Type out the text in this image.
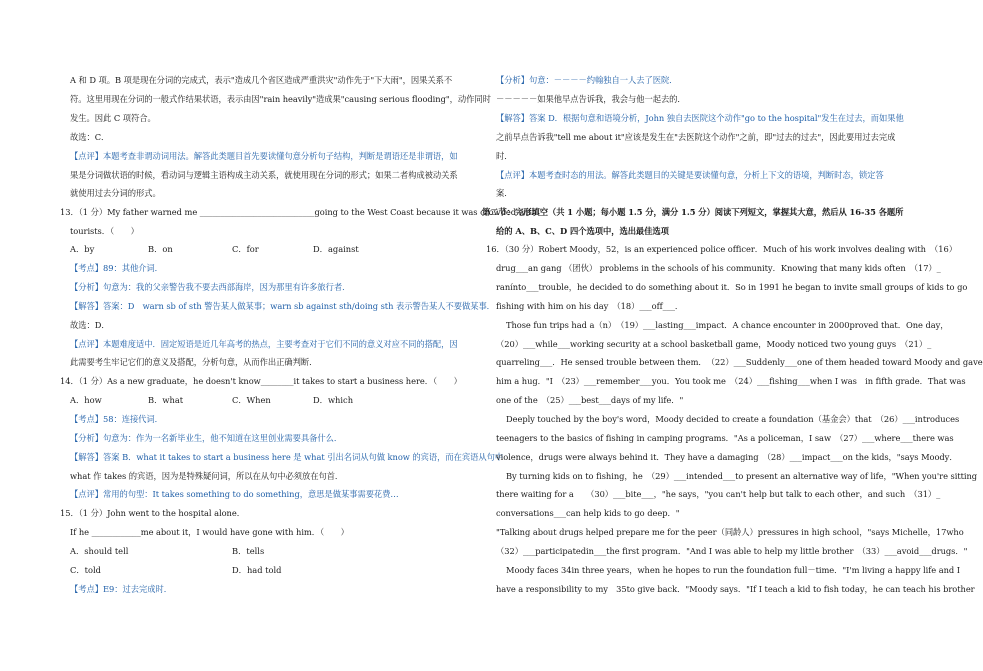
A 和 D 项。B 项是现在分词的完成式，表示"造成几个省区造成严重洪灾"动作先于"下大雨"，因果关系不
符。这里用现在分词的一般式作结果状语，表示由因"rain heavily"造成果"causing serious flooding"，动作同时
发生。因此 C 项符合。
故选：C．
【点评】本题考查非谓动词用法。解答此类题目首先要读懂句意分析句子结构，判断是谓语还是非谓语，如
果是分词做状语的时候，看动词与逻辑主语构成主动关系，就使用现在分词的形式；如果二者构成被动关系
就使用过去分词的形式。
13．（1 分）My father warned me ____________________________going to the West Coast because it was crowded with
tourists．（　　）
A．by	B．on	C．for	D．against
【考点】89：其他介词．
【分析】句意为：我的父亲警告我不要去西部海岸，因为那里有许多旅行者．
【解答】答案：D　warn sb of sth 警告某人做某事；warn sb against sth/doing sth 表示警告某人不要做某事．
故选：D．
【点评】本题难度适中．固定短语是近几年高考的热点，主要考查对于它们不同的意义对应不同的搭配，因
此需要考生牢记它们的意义及搭配，分析句意，从而作出正确判断．
14．（1 分）As a new graduate，he doesn't know________it takes to start a business here．（　　）
A．how	B．what	C．When	D．which
【考点】58：连接代词．
【分析】句意为：作为一名新毕业生，他不知道在这里创业需要具备什么．
【解答】答案 B．what it takes to start a business here 是 what 引出名词从句做 know 的宾语，而在宾语从句中
what 作 takes 的宾语，因为是特殊疑问词，所以在从句中必须放在句首．
【点评】常用的句型：It takes something to do something，意思是做某事需要花费…
15．（1 分）John went to the hospital alone．
If he ____________me about it，I would have gone with him．（　　）
A．should tell	B．tells
C．told	D．had told
【考点】E9：过去完成时．
【分析】句意：－－－－约翰独自一人去了医院．
－－－－－如果他早点告诉我，我会与他一起去的．
【解答】答案 D．根据句意和语境分析，John 独自去医院这个动作"go to the hospital"发生在过去，而如果他
之前早点告诉我"tell me about it"应该是发生在"去医院这个动作"之前，即"过去的过去"，因此要用过去完成
时．
【点评】本题考查时态的用法。解答此类题目的关键是要读懂句意，分析上下文的语境，判断时态，锁定答
案．
第二节：完形填空（共 1 小题；每小题 1.5 分，满分 1.5 分）阅读下列短文，掌握其大意，然后从 16-35 各题所
给的 A、B、C、D 四个选项中，选出最佳选项
16．（30 分）Robert Moody，52，is an experienced police officer．Much of his work involves dealing with　（16）
drug___an gang （团伙） problems in the schools of his community．Knowing that many kids often　（17）_
ranínto___trouble，he decided to do something about it．So in 1991 he began to invite small groups of kids to go
fishing with him on his day　（18）___off___．
Those fun trips had a（n）　（19）___lasting___impact．A chance encounter in 2000proved that．One day，
（20）___while___working security at a school basketball game，Moody noticed two young guys　（21）_
quarreling___．He sensed trouble between them．　（22）___Suddenly___one of them headed toward Moody and gave
him a hug．"I　（23）___remember___you．You took me　（24）___fishing___when I was　in fifth grade．That was
one of the　（25）___best___days of my life．"
Deeply touched by the boy's word，Moody decided to create a foundation（基金会）that　（26）___introduces
teenagers to the basics of fishing in camping programs．"As a policeman，I saw　（27）___where___there was
violence，drugs were always behind it．They have a damaging　（28）___impact___on the kids，"says Moody．
By turning kids on to fishing，he　（29）___intended___to present an alternative way of life，"When you're sitting
there waiting for a　　（30）___bite___，"he says，"you can't help but talk to each other，and such　（31）_
conversations___can help kids to go deep．"
"Talking about drugs helped prepare me for the peer（同龄人）pressures in high school，"says Michelle，17who
（32）___participatedin___the first program．"And I was able to help my little brother　（33）___avoid___drugs．"
Moody faces 34in three years，when he hopes to run the foundation full－time．"I'm living a happy life and I
have a responsibility to my　35to give back．"Moody says．"If I teach a kid to fish today，he can teach his brother
